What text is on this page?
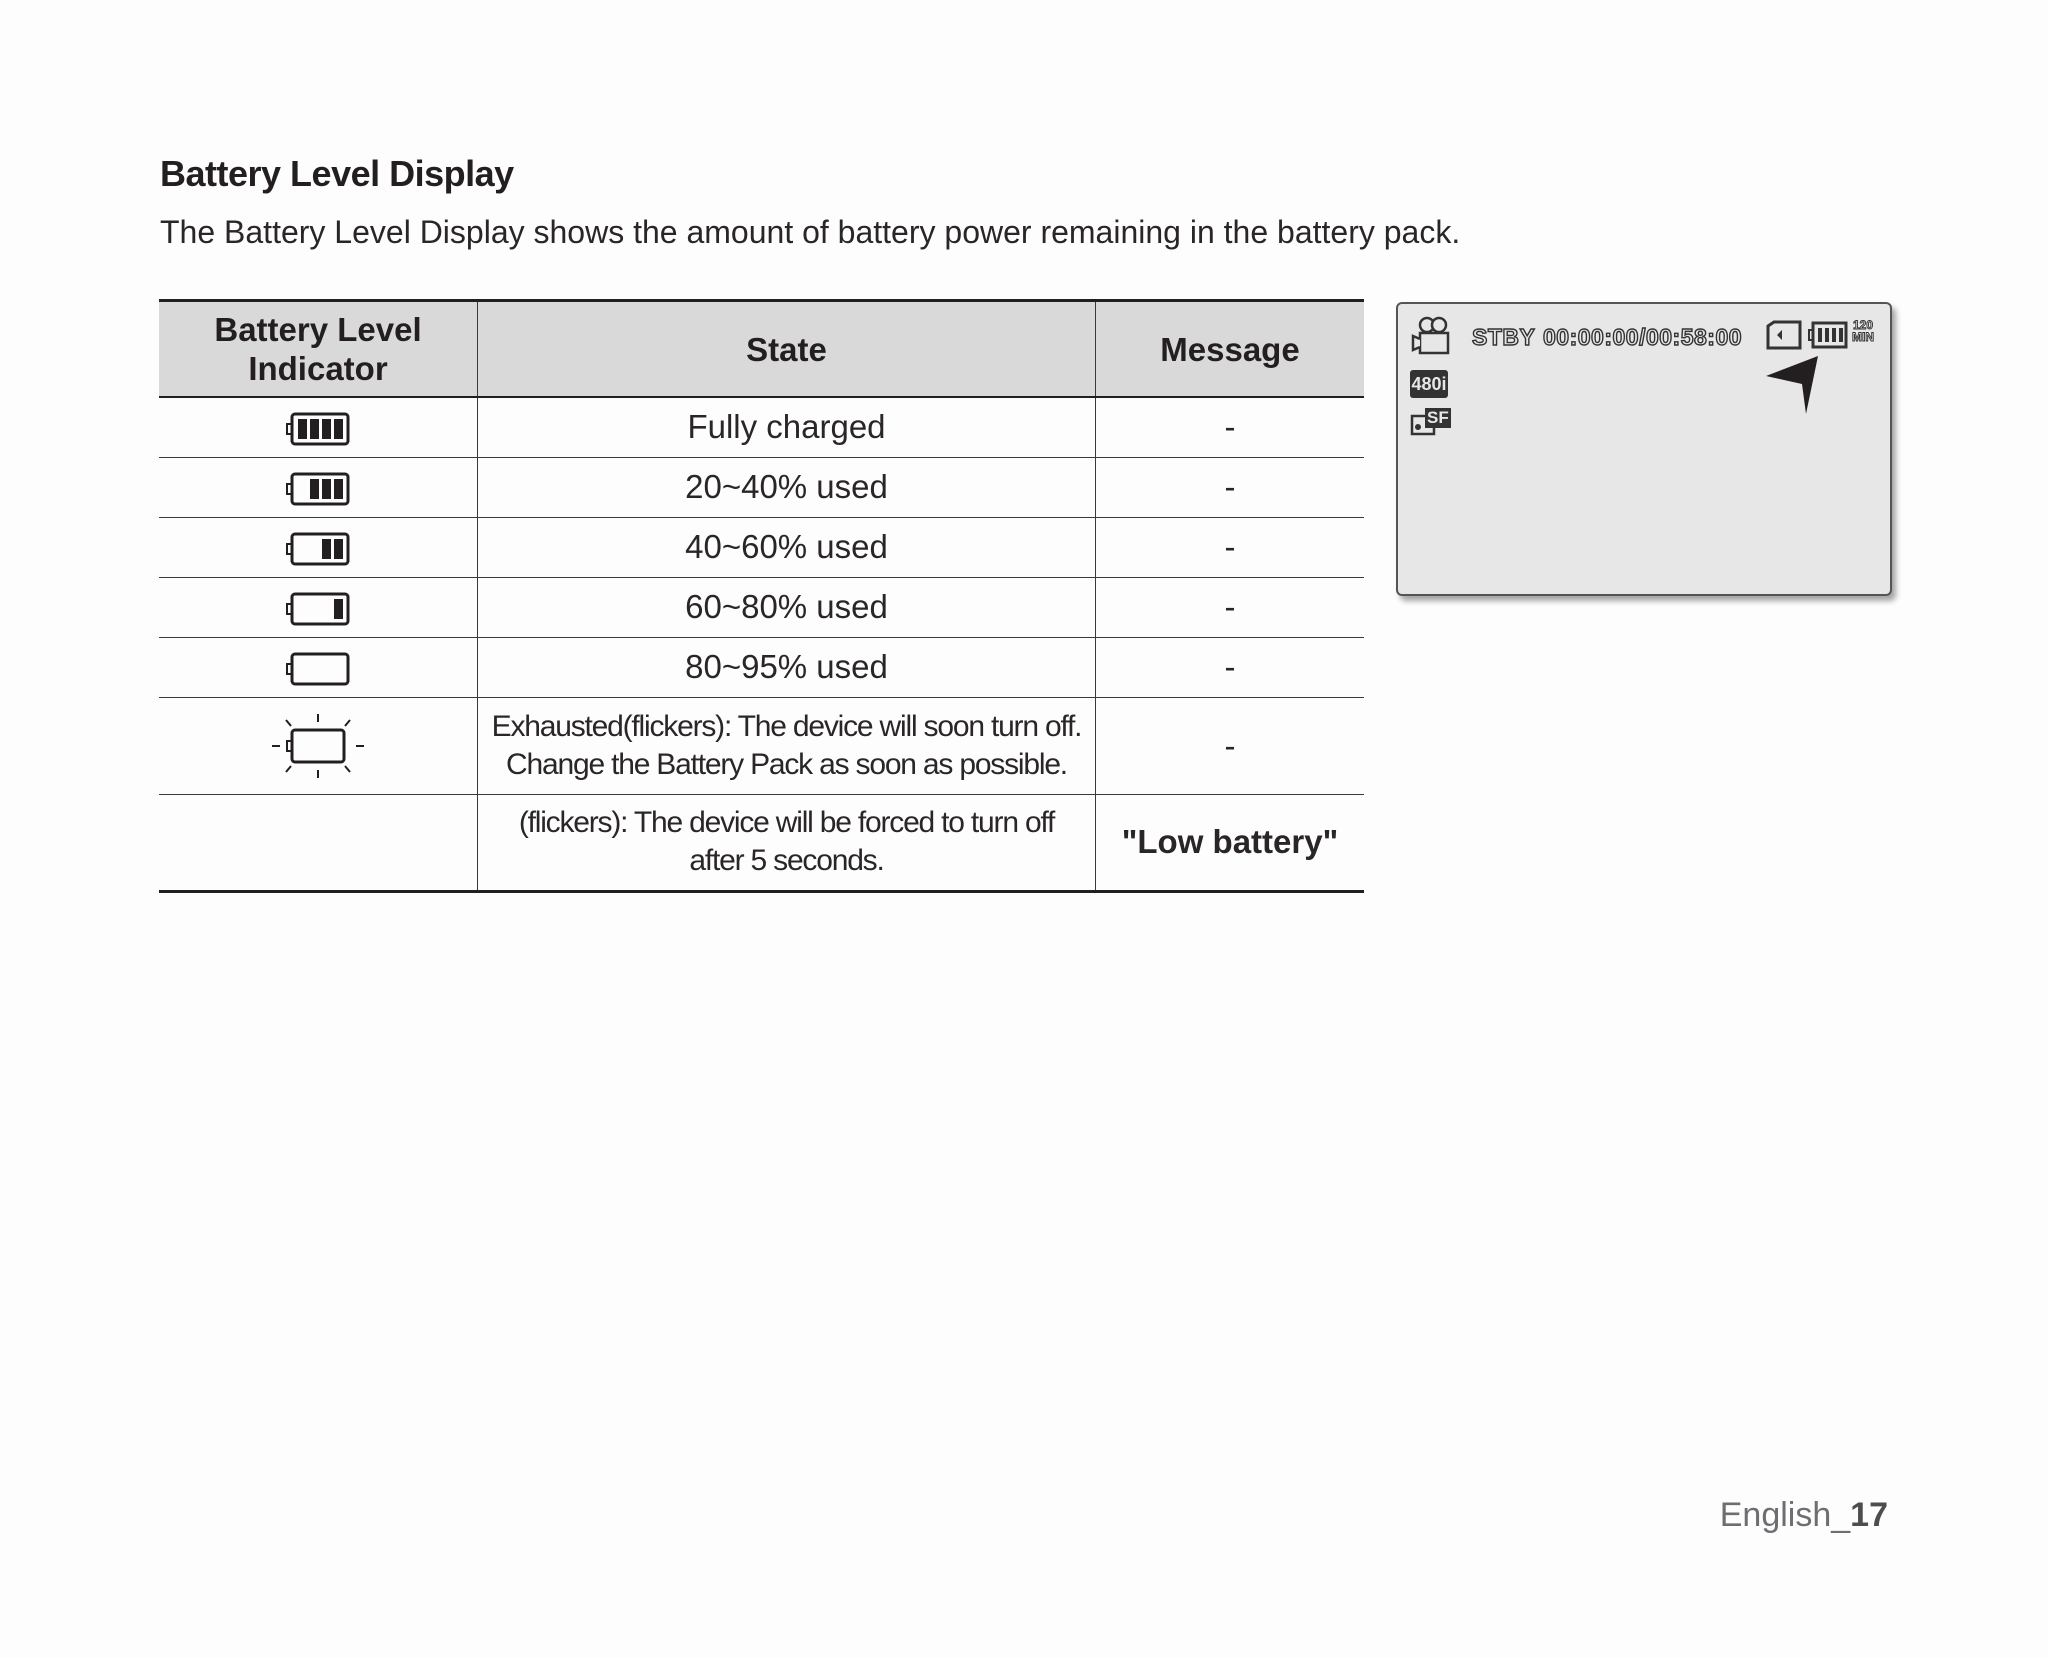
Battery Level Display
The Battery Level Display shows the amount of battery power remaining in the battery pack.
Battery Level
Indicator	State	Message
	Fully charged	-
	20~40% used	-
	40~60% used	-
	60~80% used	-
	80~95% used	-
	Exhausted(flickers): The device will soon turn off.
Change the Battery Pack as soon as possible.	-
	(flickers): The device will be forced to turn off
after 5 seconds.	"Low battery"
STBY 00:00:00/00:58:00
480i
SF
120
MIN
English_17
